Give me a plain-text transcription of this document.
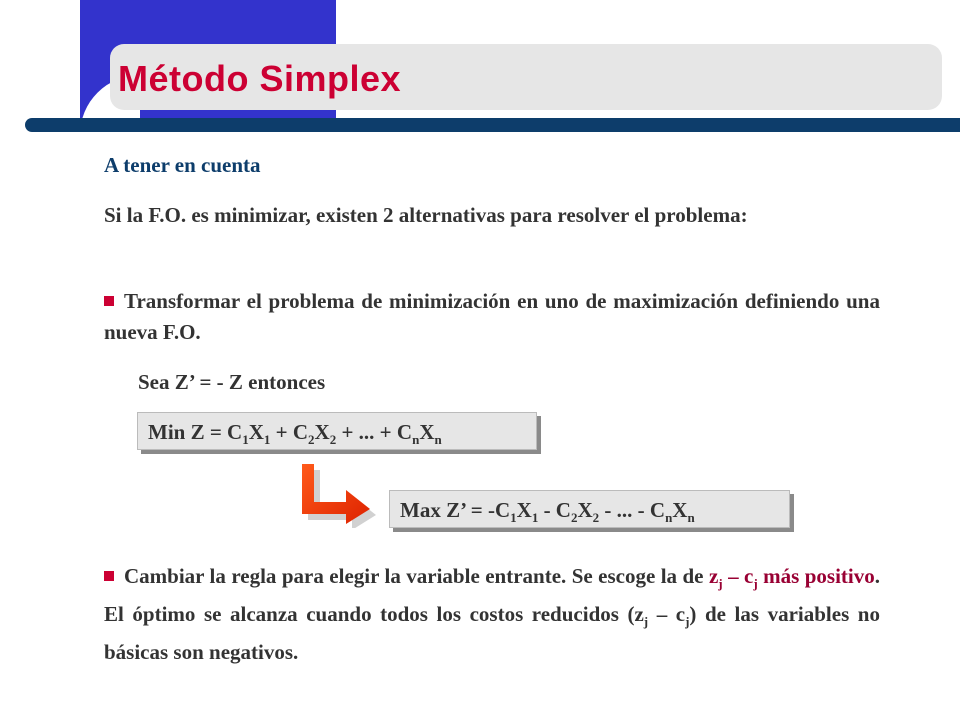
Método Simplex
A tener en cuenta
Si la F.O. es minimizar, existen 2 alternativas para resolver el problema:
Transformar el problema de minimización en uno de maximización definiendo una nueva F.O.
Sea Z’ = - Z entonces
Min $Z = C_1X_1 + C_2X_2$ + ... + $C_nX_n$
Max Z’ = $-C_1X_1 - C_2X_2$ - ... - $C_nX_n$
Cambiar la regla para elegir la variable entrante. Se escoge la de $z_j - c_j$ más positivo. El óptimo se alcanza cuando todos los costos reducidos $(z_j - c_j)$ de las variables no básicas son negativos.
